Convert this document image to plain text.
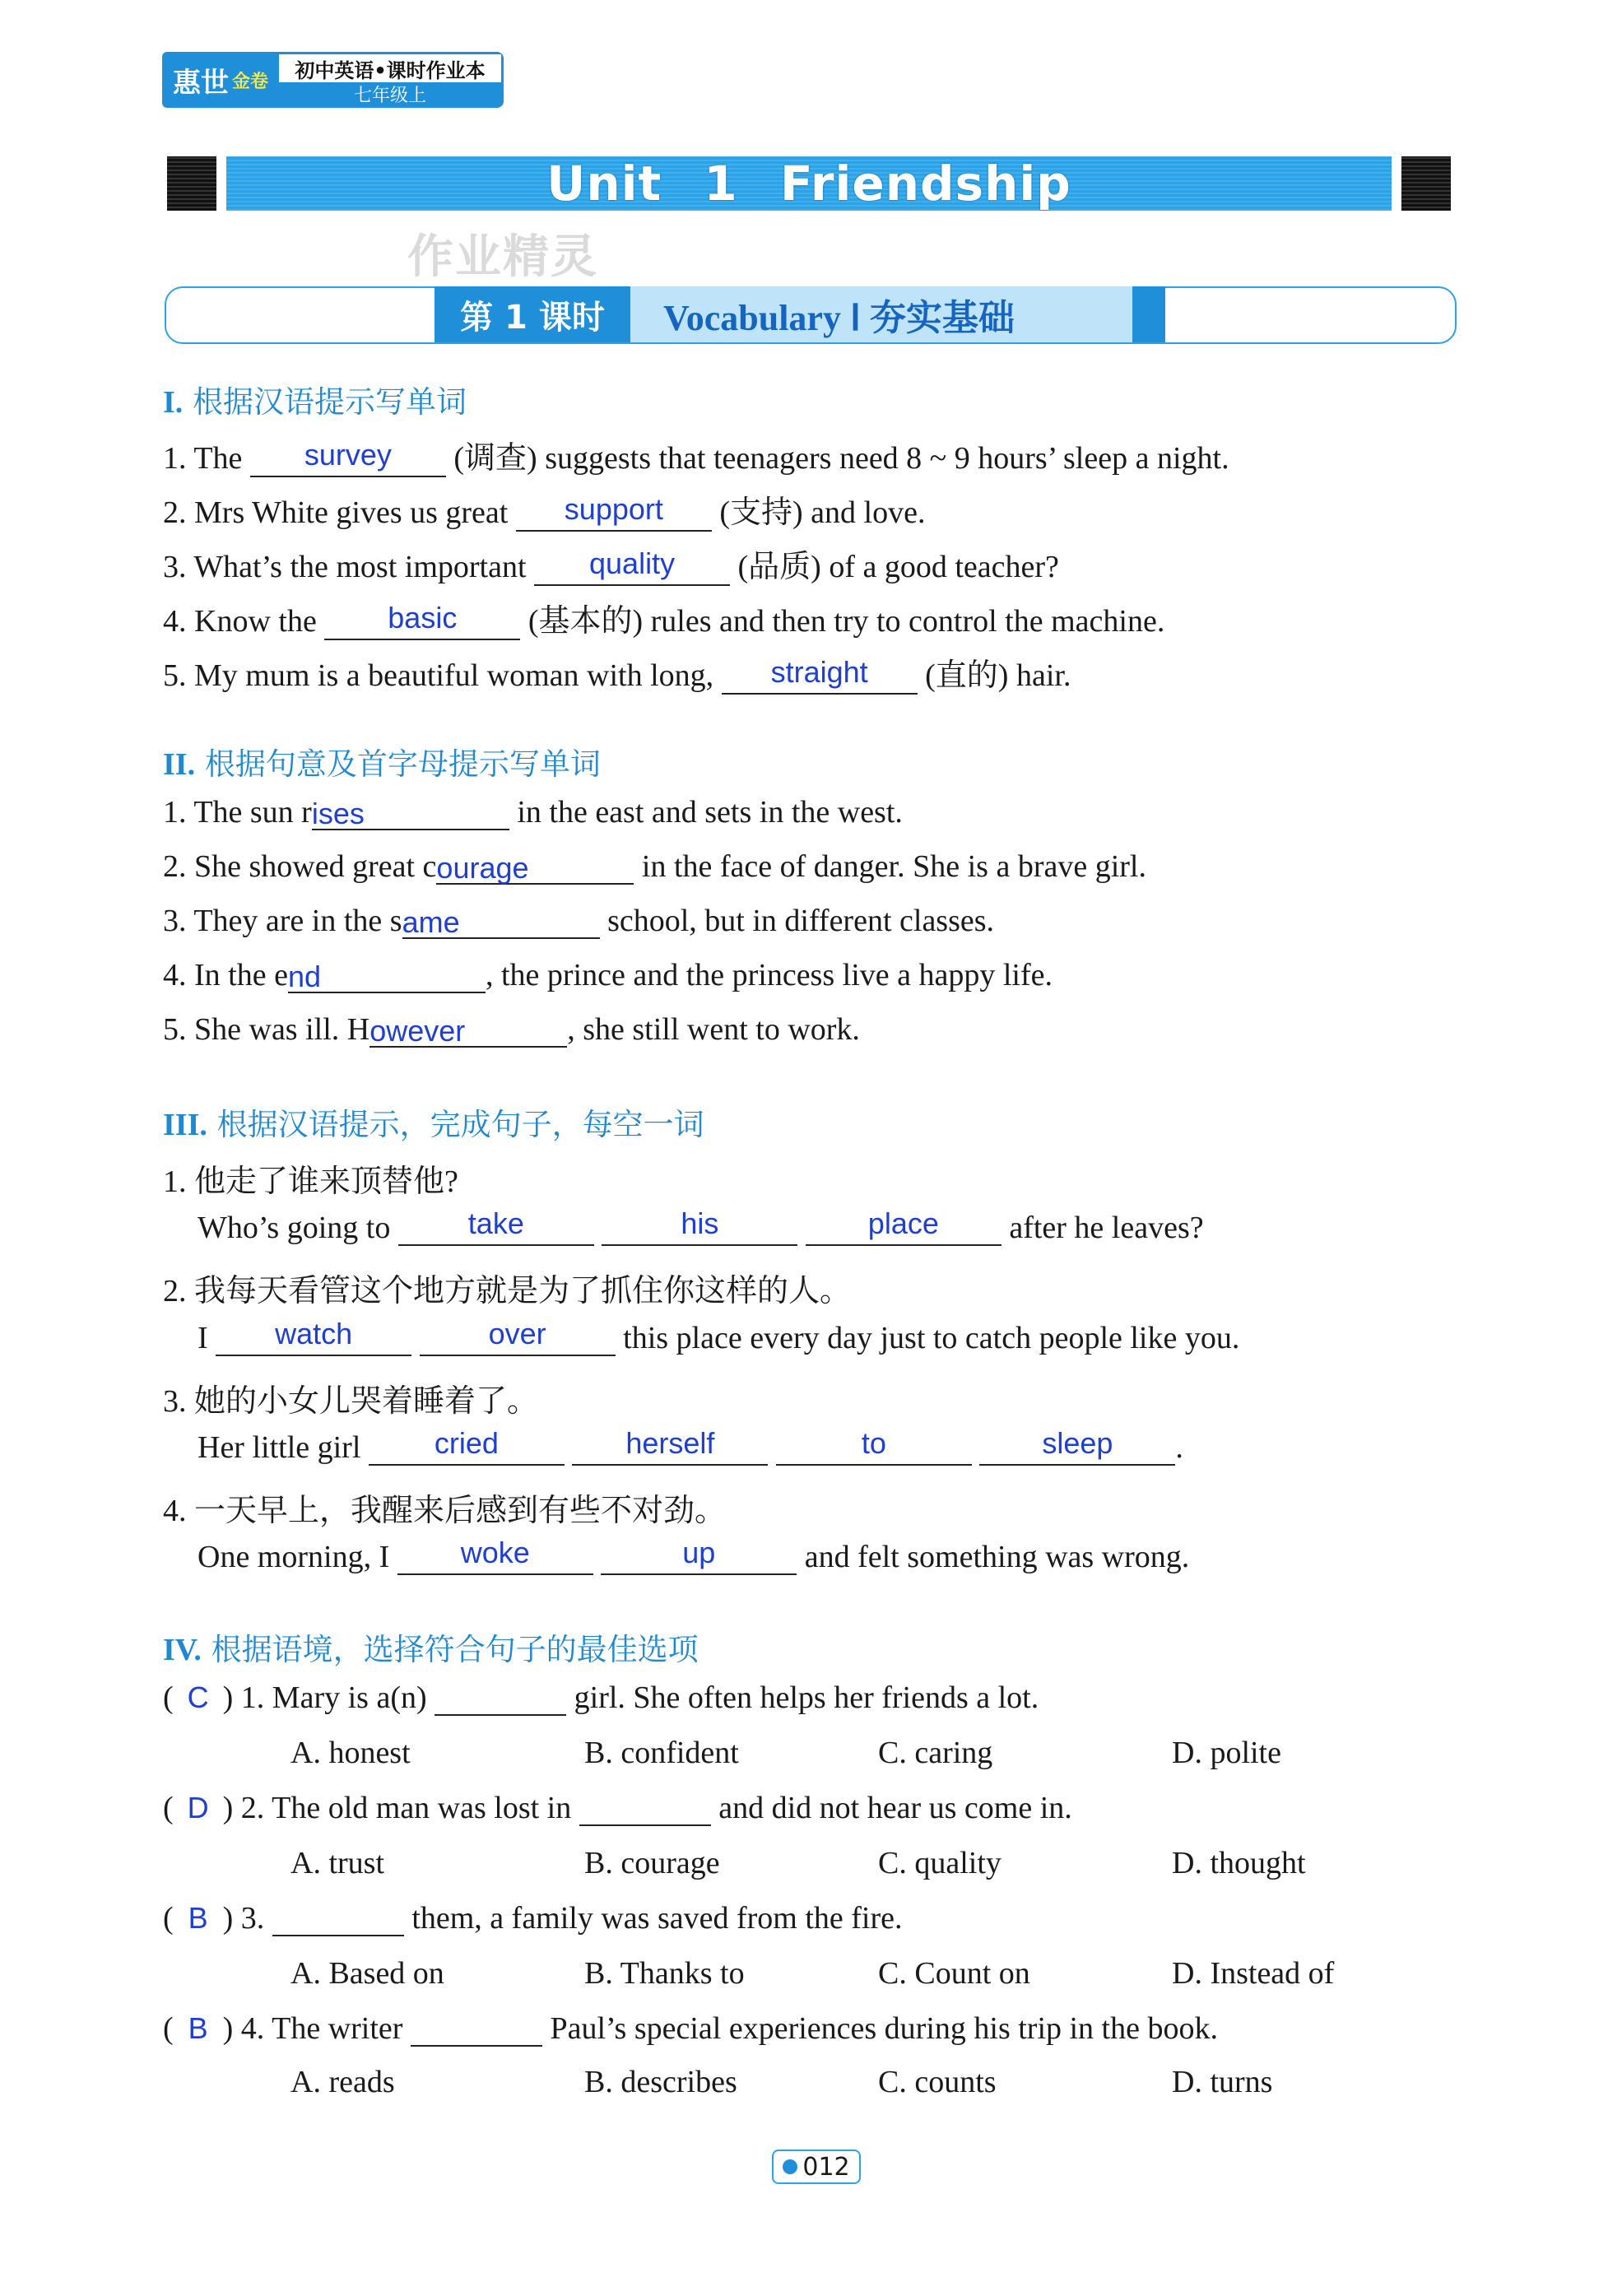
惠世 金卷	初中英语•课时作业本
七年级上
Unit 1 Friendship
作业精灵
第 1 课时	Vocabulary Ⅰ 夯实基础
I. 根据汉语提示写单词
1. The	survey	(调查) suggests that teenagers need 8 ~ 9 hours’ sleep a night.
2. Mrs White gives us great	support	(支持) and love.
3. What’s the most important	quality	(品质) of a good teacher?
4. Know the	basic	(基本的) rules and then try to control the machine.
5. My mum is a beautiful woman with long,	straight	(直的) hair.
II. 根据句意及首字母提示写单词
1. The sun rises	in the east and sets in the west.
2. She showed great courage	in the face of danger. She is a brave girl.
3. They are in the same	school, but in different classes.
4. In the end	, the prince and the princess live a happy life.
5. She was ill. However	, she still went to work.
III. 根据汉语提示，完成句子，每空一词
1. 他走了谁来顶替他?
Who’s going to	take
	his
	place	after he leaves?
2. 我每天看管这个地方就是为了抓住你这样的人。
I	watch
	over	this place every day just to catch people like you.
3. 她的小女儿哭着睡着了。
Her little girl	cried
	herself
	to
	sleep	.
4. 一天早上，我醒来后感到有些不对劲。
One morning, I	woke
	up	and felt something was wrong.
IV. 根据语境，选择符合句子的最佳选项
( C ) 1. Mary is a(n)	girl. She often helps her friends a lot.
A. honest	B. confident	C. caring	D. polite
( D ) 2. The old man was lost in	and did not hear us come in.
A. trust	B. courage	C. quality	D. thought
( B ) 3.	them, a family was saved from the fire.
A. Based on	B. Thanks to	C. Count on	D. Instead of
( B ) 4. The writer	Paul’s special experiences during his trip in the book.
A. reads	B. describes	C. counts	D. turns
012
